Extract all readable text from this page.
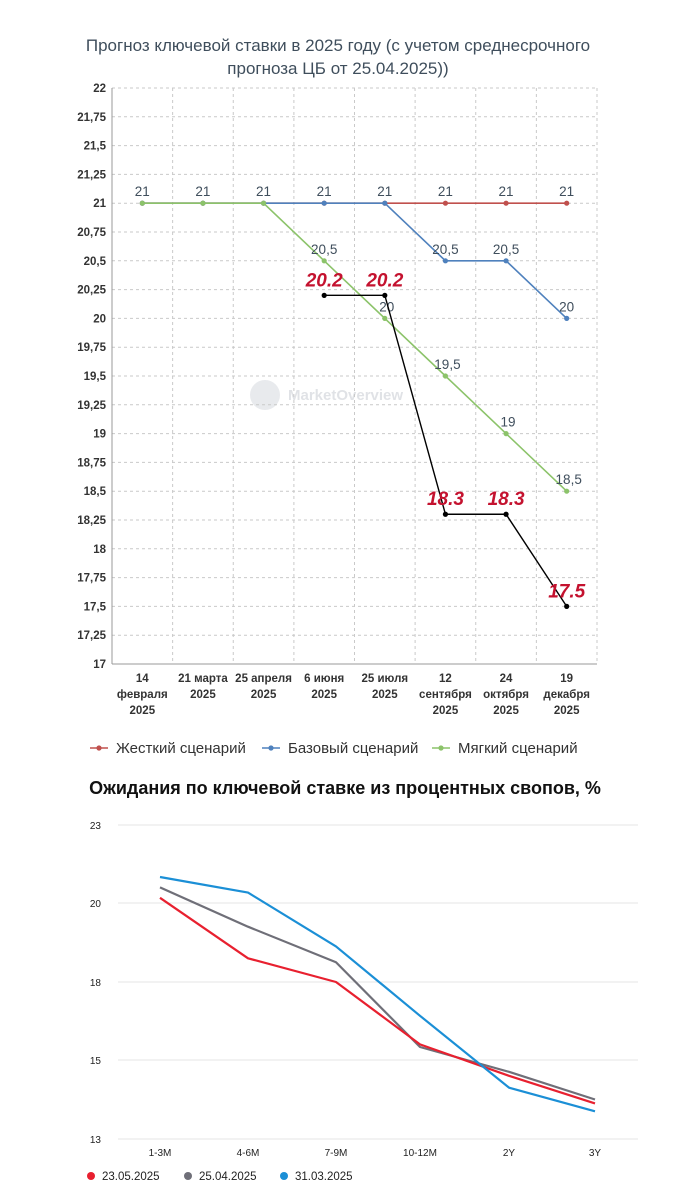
Прогноз ключевой ставки в 2025 году (с учетом среднесрочного
прогноза ЦБ от 25.04.2025))
MarketOverview
17
17,25
17,5
17,75
18
18,25
18,5
18,75
19
19,25
19,5
19,75
20
20,25
20,5
20,75
21
21,25
21,5
21,75
22
14
февраля
2025
21 марта
2025
25 апреля
2025
6 июня
2025
25 июля
2025
12
сентября
2025
24
октября
2025
19
декабря
2025
21	21	21	21	21	21	21	21
20,5	20,5
20
20,5
20
19,5
19
18,5
20.2 20.2
18.3 18.3
17.5
Жесткий сценарий	Базовый сценарий	Мягкий сценарий
Ожидания по ключевой ставке из процентных свопов, %
13
15
18
20
23
1-3M	4-6M	7-9M	10-12M	2Y	3Y
23.05.2025	25.04.2025	31.03.2025
